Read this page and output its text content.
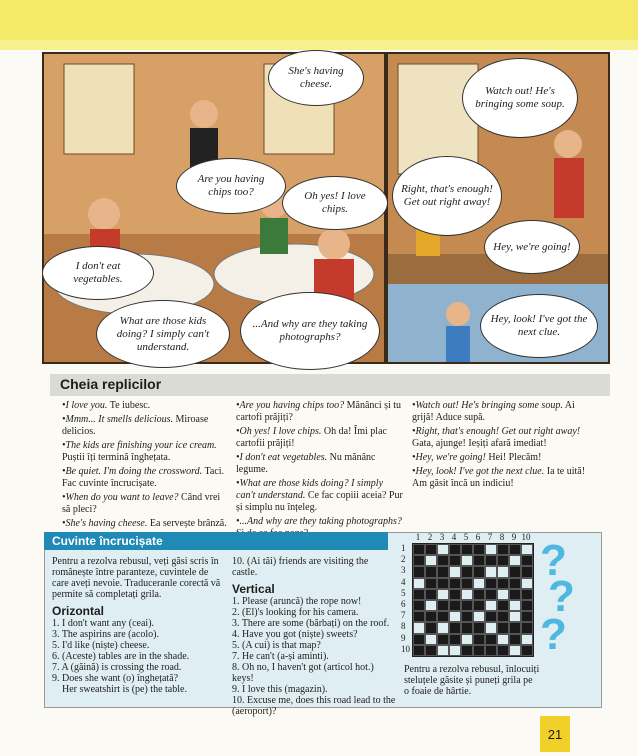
She's having cheese.
Are you having chips too?	Oh yes! I love chips.
I don't eat vegetables.
What are those kids doing? I simply can't understand.
...And why are they taking photographs?
Watch out! He's bringing some soup.
Right, that's enough! Get out right away!
Hey, we're going!
Hey, look! I've got the next clue.
Cheia replicilor

•I love you. Te iubesc.

•Mmm... It smells delicious. Miroase delicios.

•The kids are finishing your ice cream. Puștii îți termină înghețata.

•Be quiet. I'm doing the crossword. Taci. Fac cuvinte încrucișate.

•When do you want to leave? Când vrei să pleci?

•She's having cheese. Ea servește brânză.

•Are you having chips too? Mănânci și tu cartofi prăjiți?

•Oh yes! I love chips. Oh da! Îmi plac cartofii prăjiți!

•I don't eat vegetables. Nu mănânc legume.

•What are those kids doing? I simply can't understand. Ce fac copiii aceia? Pur și simplu nu înțeleg.

•...And why are they taking photographs?

•Watch out! He's bringing some soup. Ai grijă! Aduce supă.

•Right, that's enough! Get out right away! Gata, ajunge! Ieșiți afară imediat!

•Hey, we're going! Hei! Plecăm!

•Hey, look! I've got the next clue. Ia te uită! Am găsit încă un indiciu!

Cuvinte încrucișate
Pentru a rezolva rebusul, veți găsi scris în românește între paranteze, cuvintele de care aveți nevoie. Traduceranle corectă vă permite să completați grila.
Orizontal
1. I don't want any (ceai).
3. The aspirins are (acolo).
5. I'd like (niște) cheese.
6. (Aceste) tables are in the shade.
7. A (găină) is crossing the road.
9. Does she want (o) înghețată?
Her sweatshirt is (pe) the table.
10. (Ai tăi) friends are visiting the castle.
Vertical
1. Please (aruncă) the rope now!
2. (El)'s looking for his camera.
3. There are some (bărbați) on the roof.
4. Have you got (niște) sweets?
5. (A cui) is that map?
7. He can't (a-și aminti).
8. Oh no, I haven't got (articol hot.) keys!
9. I love this (magazin).
10. Excuse me, does this road lead to the (aeroport)?
1 2 3 4 5 6 7 8 9 10
1
2
3
4
5
6
7
8
9
10
?
?
?
Pentru a rezolva rebusul, înlocuiți steluțele găsite și puneți grila pe o foaie de hârtie.
21
